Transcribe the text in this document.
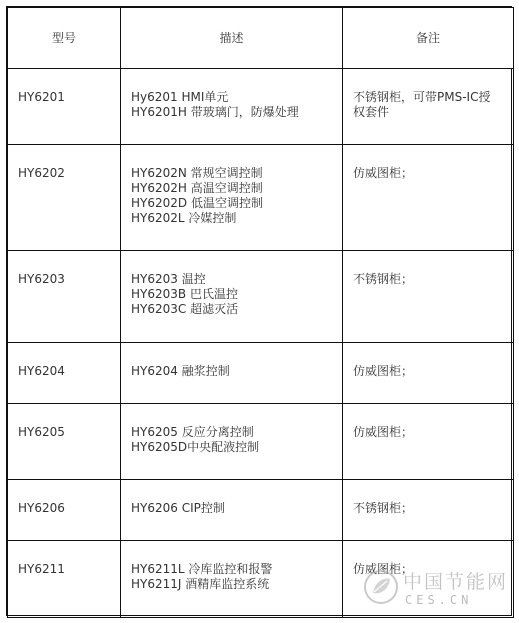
型号	描述	备注

HY6201	Hy6201 HMI单元
HY6201H 带玻璃门，防爆处理	不锈钢柜，可带PMS-IC授权套件

HY6202	HY6202N 常规空调控制
HY6202H 高温空调控制
HY6202D 低温空调控制
HY6202L 冷媒控制	仿威图柜；

HY6203	HY6203 温控
HY6203B 巴氏温控
HY6203C 超滤灭活	不锈钢柜；

HY6204	HY6204 融浆控制	仿威图柜；

HY6205	HY6205 反应分离控制
HY6205D中央配液控制	仿威图柜；

HY6206	HY6206 CIP控制	不锈钢柜；

HY6211	HY6211L 冷库监控和报警
HY6211J 酒精库监控系统	仿威图柜；
中国节能网
CES.CN
